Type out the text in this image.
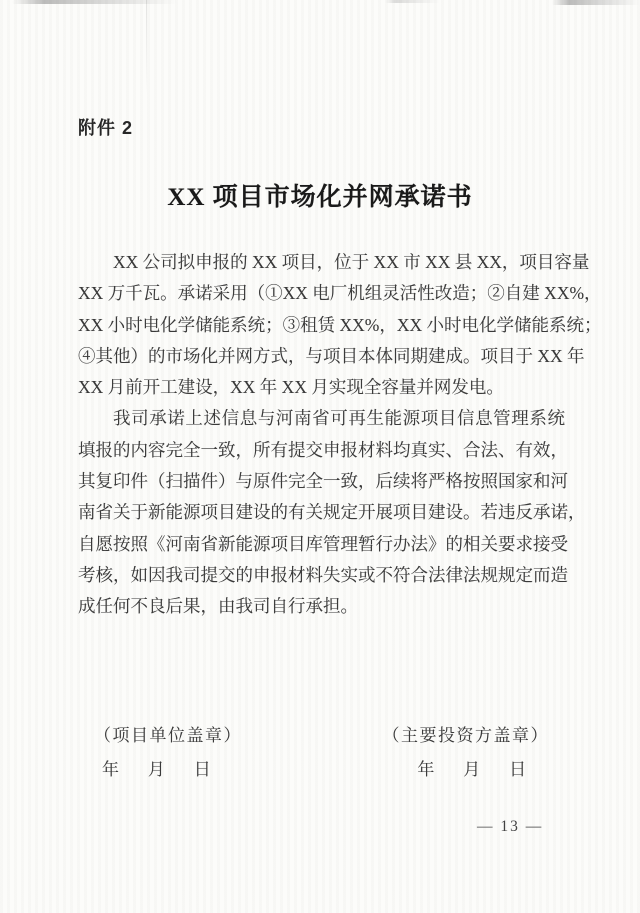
附件 2
XX 项目市场化并网承诺书
XX 公司拟申报的 XX 项目，位于 XX 市 XX 县 XX，项目容量
XX 万千瓦。承诺采用（①XX 电厂机组灵活性改造；②自建 XX%，
XX 小时电化学储能系统；③租赁 XX%，XX 小时电化学储能系统；
④其他）的市场化并网方式，与项目本体同期建成。项目于 XX 年
XX 月前开工建设，XX 年 XX 月实现全容量并网发电。
我司承诺上述信息与河南省可再生能源项目信息管理系统
填报的内容完全一致，所有提交申报材料均真实、合法、有效，
其复印件（扫描件）与原件完全一致，后续将严格按照国家和河
南省关于新能源项目建设的有关规定开展项目建设。若违反承诺，
自愿按照《河南省新能源项目库管理暂行办法》的相关要求接受
考核，如因我司提交的申报材料失实或不符合法律法规规定而造
成任何不良后果，由我司自行承担。
（项目单位盖章）
年　月　日
（主要投资方盖章）
年　月　日
— 13 —
